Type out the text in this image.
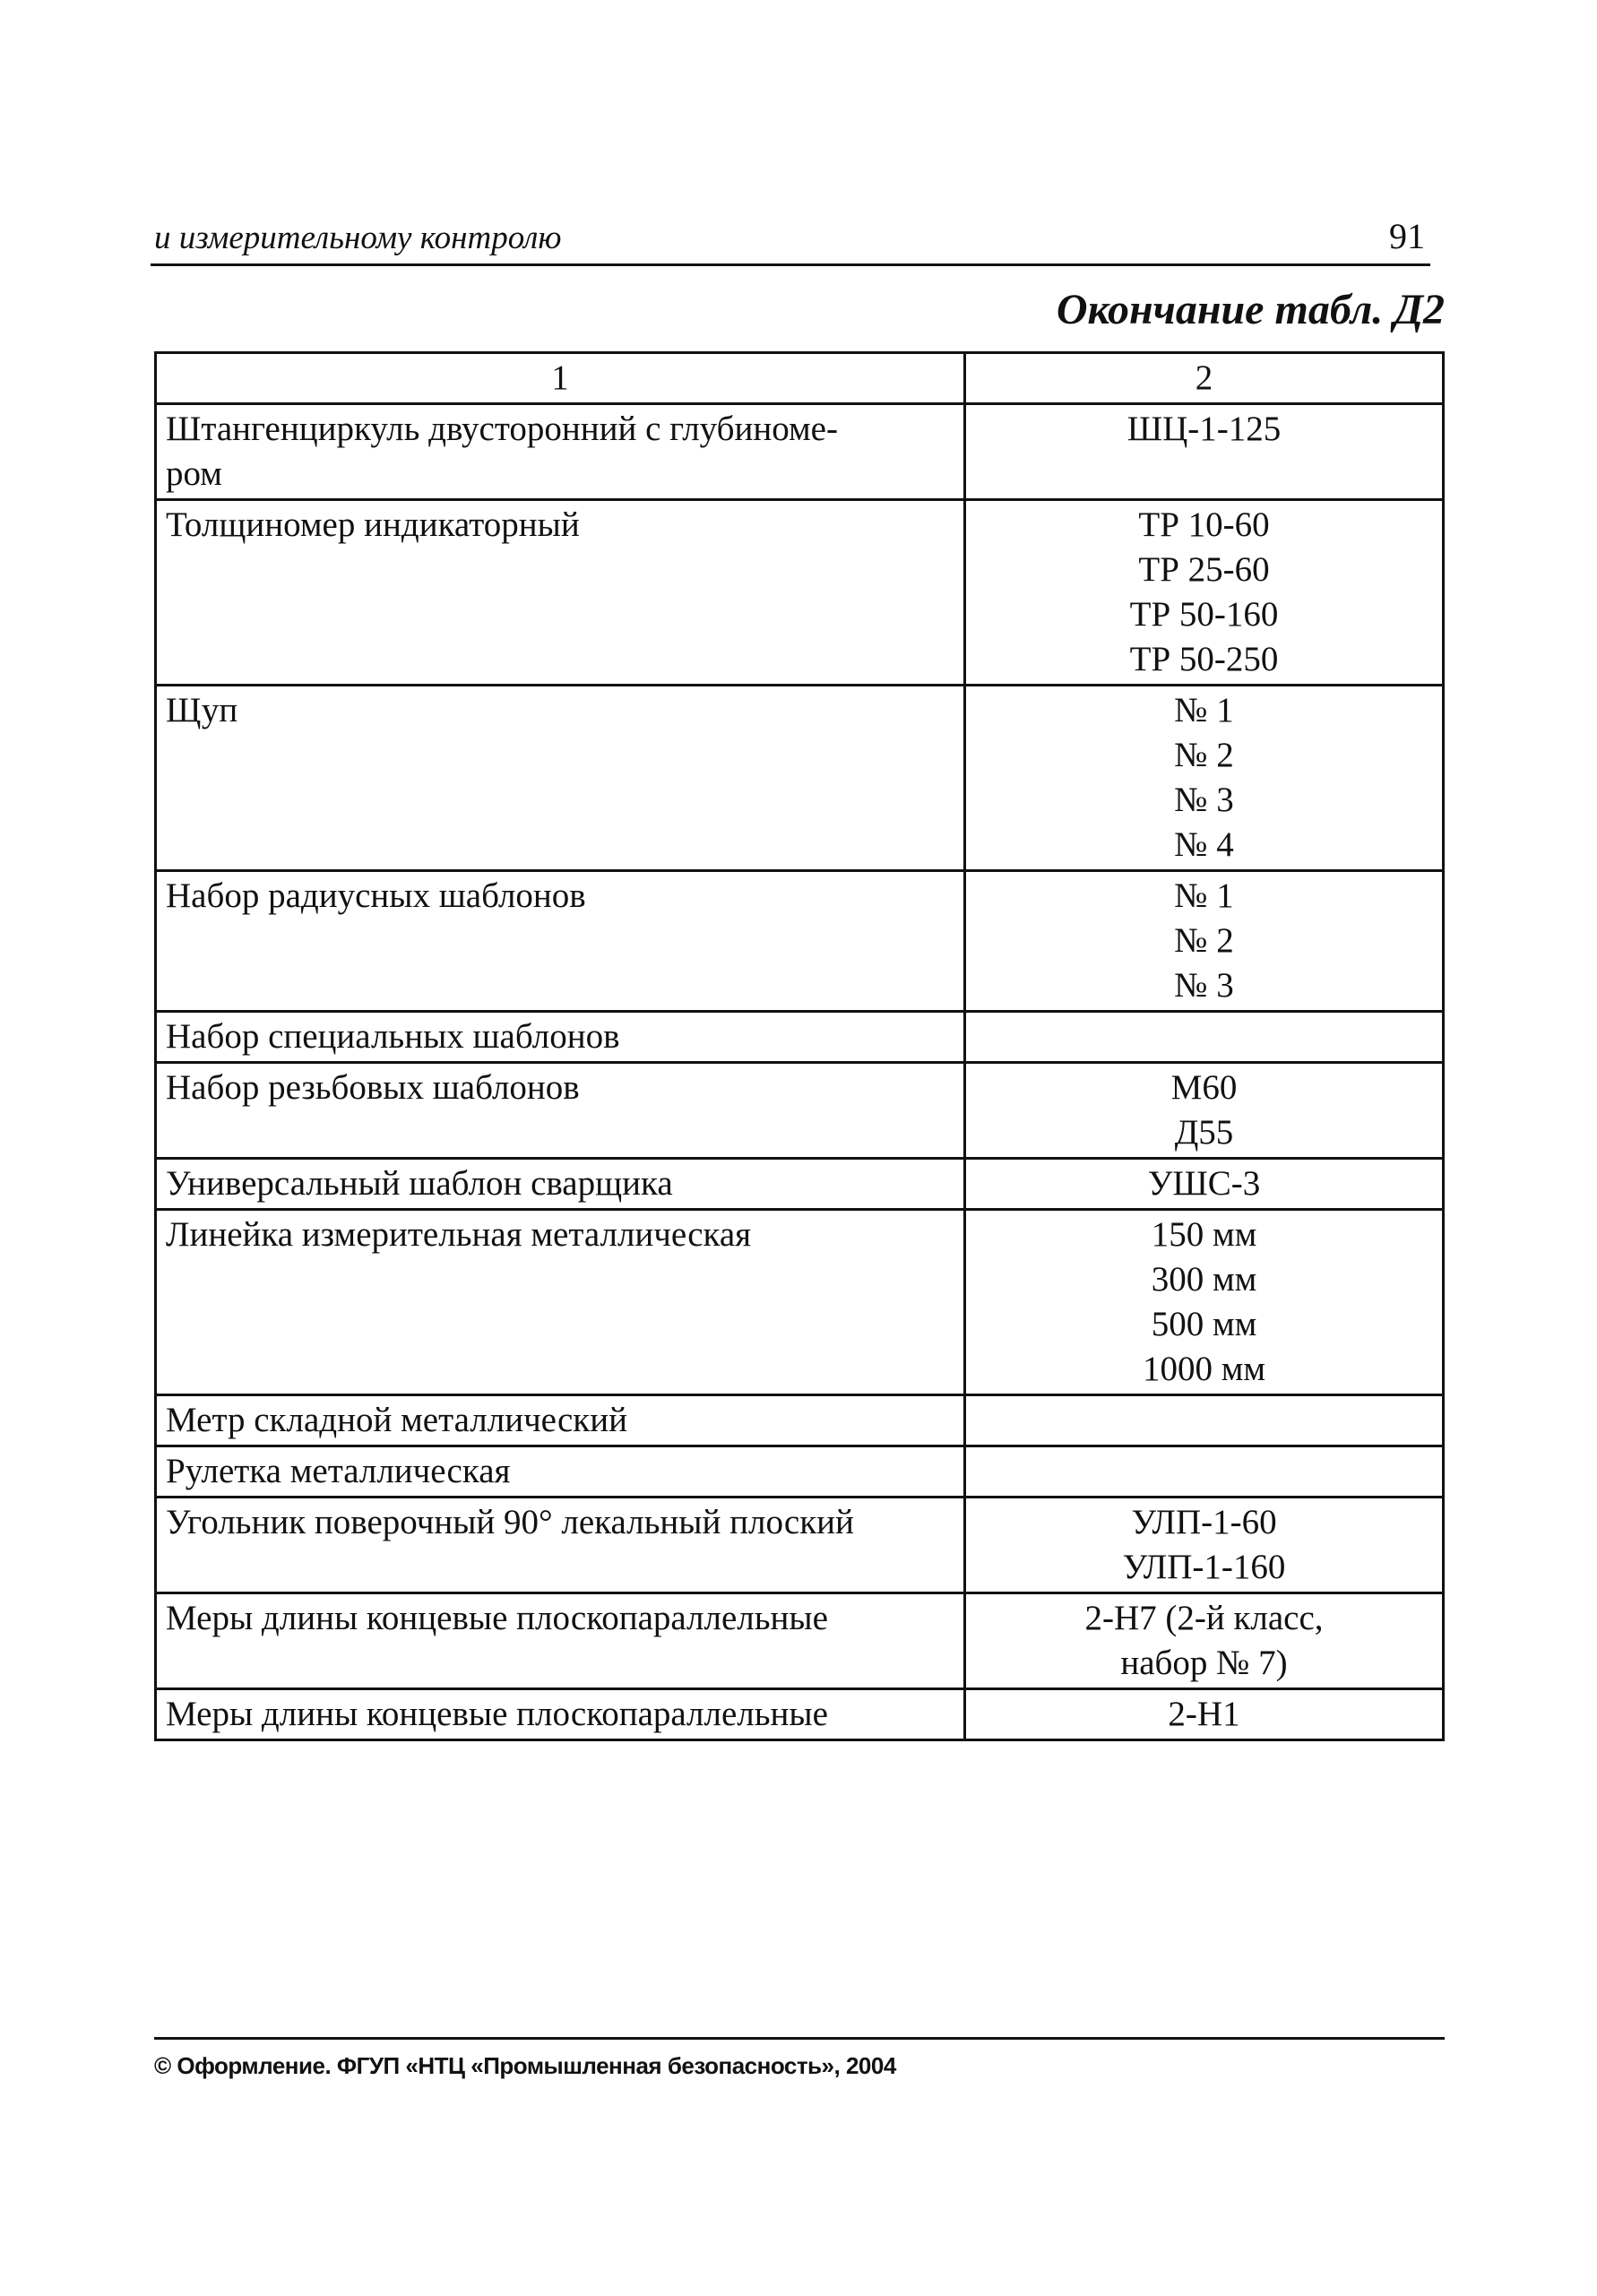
и измерительному контролю	91
Окончание табл. Д2
1	2

Штангенциркуль двусторонний с глубиноме-
ром	ШЦ-1-125

Толщиномер индикаторный	ТР 10-60
ТР 25-60
ТР 50-160
ТР 50-250

Щуп	№ 1
№ 2
№ 3
№ 4

Набор радиусных шаблонов	№ 1
№ 2
№ 3

Набор специальных шаблонов	

Набор резьбовых шаблонов	М60
Д55

Универсальный шаблон сварщика	УШС-3

Линейка измерительная металлическая	150 мм
300 мм
500 мм
1000 мм

Метр складной металлический	

Рулетка металлическая	

Угольник поверочный 90° лекальный плоский	УЛП-1-60
УЛП-1-160

Меры длины концевые плоскопараллельные	2-Н7 (2-й класс,
набор № 7)

Меры длины концевые плоскопараллельные	2-Н1
© Оформление. ФГУП «НТЦ «Промышленная безопасность», 2004
